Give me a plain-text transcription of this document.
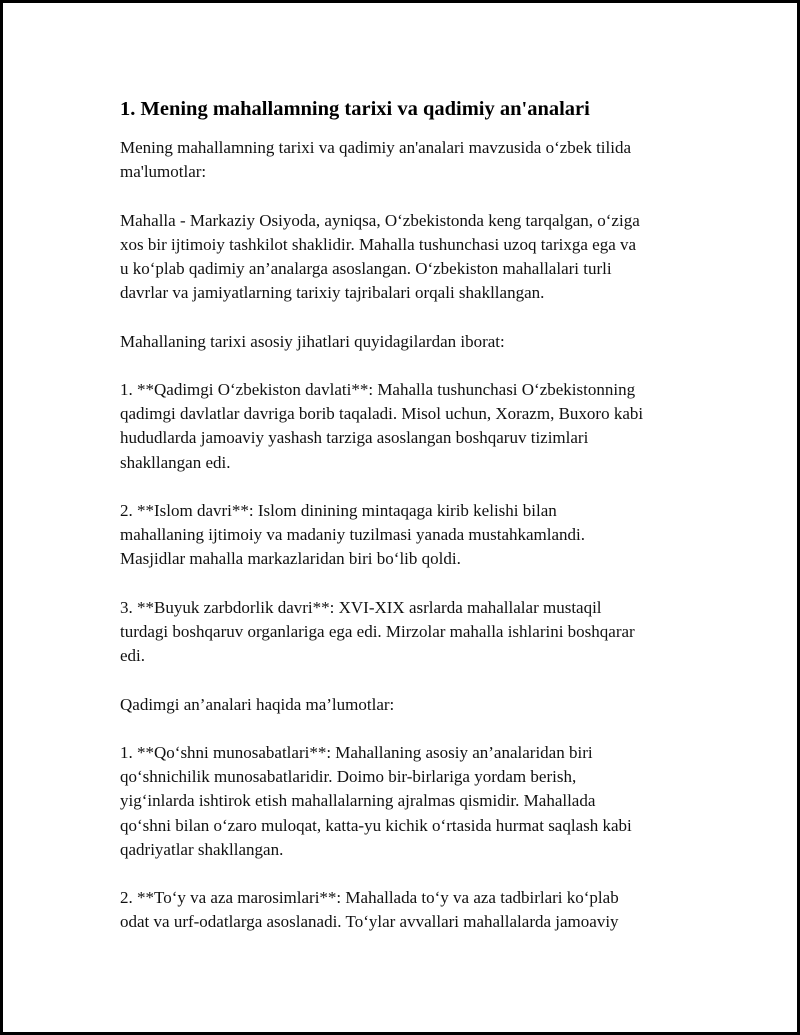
1. Mening mahallamning tarixi va qadimiy an'analari

Mening mahallamning tarixi va qadimiy an'analari mavzusida o‘zbek tilida
ma'lumotlar:

Mahalla - Markaziy Osiyoda, ayniqsa, O‘zbekistonda keng tarqalgan, o‘ziga
xos bir ijtimoiy tashkilot shaklidir. Mahalla tushunchasi uzoq tarixga ega va
u ko‘plab qadimiy an’analarga asoslangan. O‘zbekiston mahallalari turli
davrlar va jamiyatlarning tarixiy tajribalari orqali shakllangan.

Mahallaning tarixi asosiy jihatlari quyidagilardan iborat:

1. **Qadimgi O‘zbekiston davlati**: Mahalla tushunchasi O‘zbekistonning
qadimgi davlatlar davriga borib taqaladi. Misol uchun, Xorazm, Buxoro kabi
hududlarda jamoaviy yashash tarziga asoslangan boshqaruv tizimlari
shakllangan edi.

2. **Islom davri**: Islom dinining mintaqaga kirib kelishi bilan
mahallaning ijtimoiy va madaniy tuzilmasi yanada mustahkamlandi.
Masjidlar mahalla markazlaridan biri bo‘lib qoldi.

3. **Buyuk zarbdorlik davri**: XVI-XIX asrlarda mahallalar mustaqil
turdagi boshqaruv organlariga ega edi. Mirzolar mahalla ishlarini boshqarar
edi.

Qadimgi an’analari haqida ma’lumotlar:

1. **Qo‘shni munosabatlari**: Mahallaning asosiy an’analaridan biri
qo‘shnichilik munosabatlaridir. Doimo bir-birlariga yordam berish,
yig‘inlarda ishtirok etish mahallalarning ajralmas qismidir. Mahallada
qo‘shni bilan o‘zaro muloqat, katta-yu kichik o‘rtasida hurmat saqlash kabi
qadriyatlar shakllangan.

2. **To‘y va aza marosimlari**: Mahallada to‘y va aza tadbirlari ko‘plab
odat va urf-odatlarga asoslanadi. To‘ylar avvallari mahallalarda jamoaviy
